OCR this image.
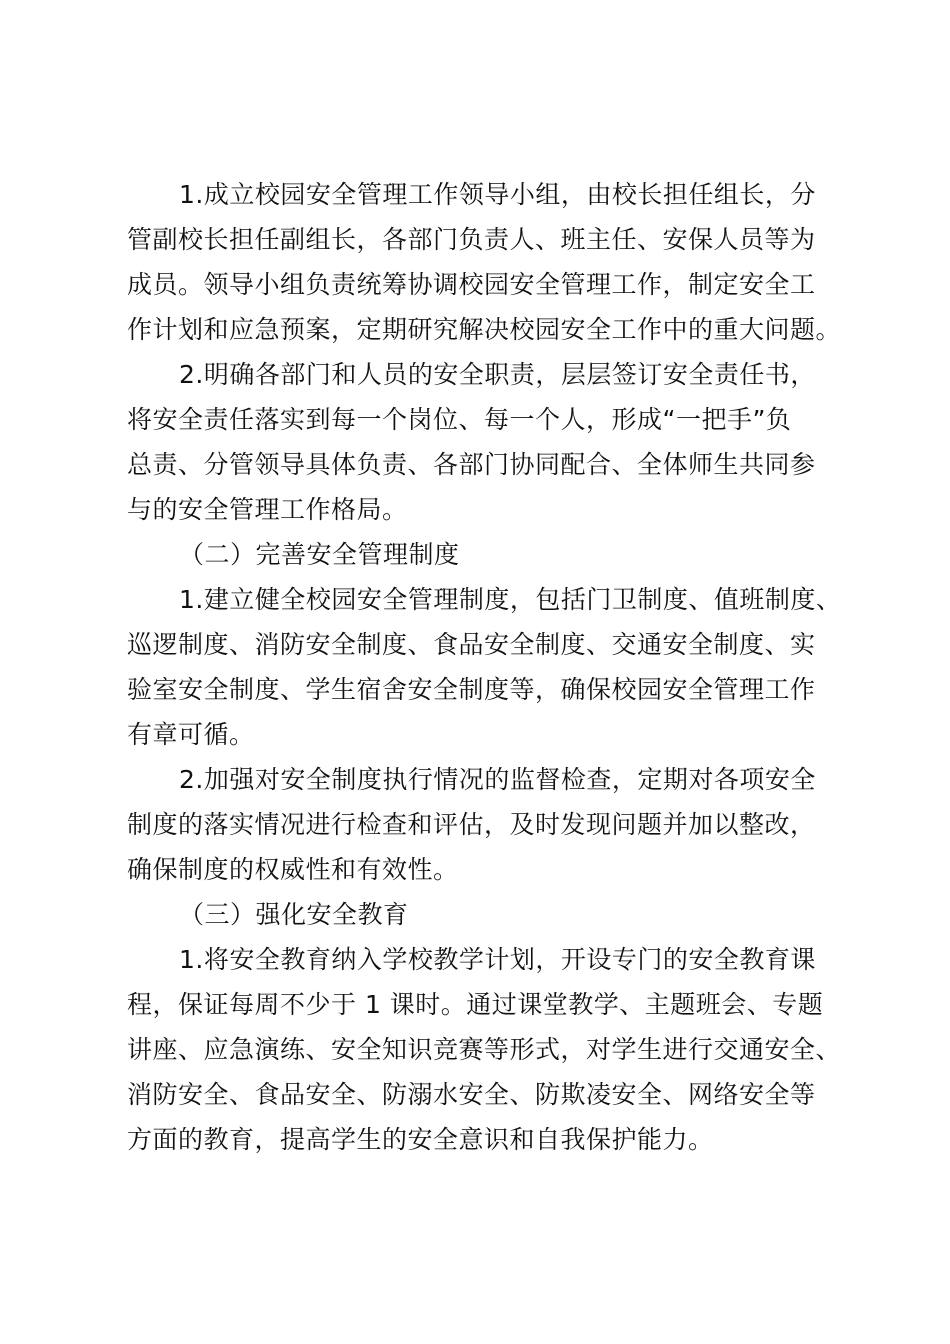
1.成立校园安全管理工作领导小组，由校长担任组长，分
管副校长担任副组长，各部门负责人、班主任、安保人员等为
成员。领导小组负责统筹协调校园安全管理工作，制定安全工
作计划和应急预案，定期研究解决校园安全工作中的重大问题。
2.明确各部门和人员的安全职责，层层签订安全责任书，
将安全责任落实到每一个岗位、每一个人，形成“一把手”负
总责、分管领导具体负责、各部门协同配合、全体师生共同参
与的安全管理工作格局。
（二）完善安全管理制度
1.建立健全校园安全管理制度，包括门卫制度、值班制度、
巡逻制度、消防安全制度、食品安全制度、交通安全制度、实
验室安全制度、学生宿舍安全制度等，确保校园安全管理工作
有章可循。
2.加强对安全制度执行情况的监督检查，定期对各项安全
制度的落实情况进行检查和评估，及时发现问题并加以整改，
确保制度的权威性和有效性。
（三）强化安全教育
1.将安全教育纳入学校教学计划，开设专门的安全教育课
程，保证每周不少于 1 课时。通过课堂教学、主题班会、专题
讲座、应急演练、安全知识竞赛等形式，对学生进行交通安全、
消防安全、食品安全、防溺水安全、防欺凌安全、网络安全等
方面的教育，提高学生的安全意识和自我保护能力。
